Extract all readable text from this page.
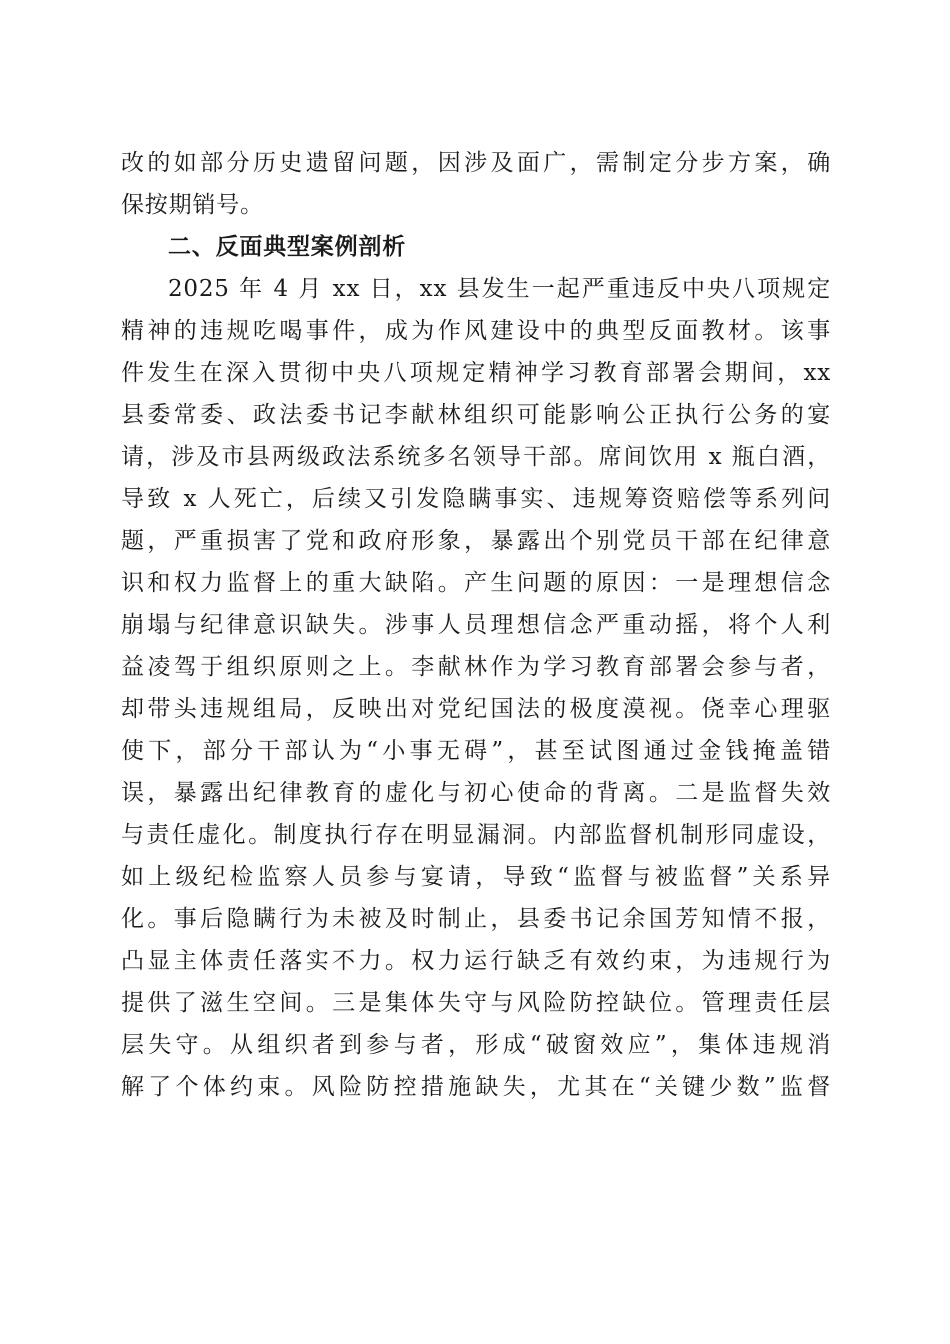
改的如部分历史遗留问题，因涉及面广，需制定分步方案，确
保按期销号。
二、反面典型案例剖析
2025 年 4 月 xx 日，xx 县发生一起严重违反中央八项规定
精神的违规吃喝事件，成为作风建设中的典型反面教材。该事
件发生在深入贯彻中央八项规定精神学习教育部署会期间，xx
县委常委、政法委书记李献林组织可能影响公正执行公务的宴
请，涉及市县两级政法系统多名领导干部。席间饮用 x 瓶白酒，
导致 x 人死亡，后续又引发隐瞒事实、违规筹资赔偿等系列问
题，严重损害了党和政府形象，暴露出个别党员干部在纪律意
识和权力监督上的重大缺陷。产生问题的原因：一是理想信念
崩塌与纪律意识缺失。涉事人员理想信念严重动摇，将个人利
益凌驾于组织原则之上。李献林作为学习教育部署会参与者，
却带头违规组局，反映出对党纪国法的极度漠视。侥幸心理驱
使下，部分干部认为“小事无碍”，甚至试图通过金钱掩盖错
误，暴露出纪律教育的虚化与初心使命的背离。二是监督失效
与责任虚化。制度执行存在明显漏洞。内部监督机制形同虚设，
如上级纪检监察人员参与宴请，导致“监督与被监督”关系异
化。事后隐瞒行为未被及时制止，县委书记余国芳知情不报，
凸显主体责任落实不力。权力运行缺乏有效约束，为违规行为
提供了滋生空间。三是集体失守与风险防控缺位。管理责任层
层失守。从组织者到参与者，形成“破窗效应”，集体违规消
解了个体约束。风险防控措施缺失，尤其在“关键少数”监督
